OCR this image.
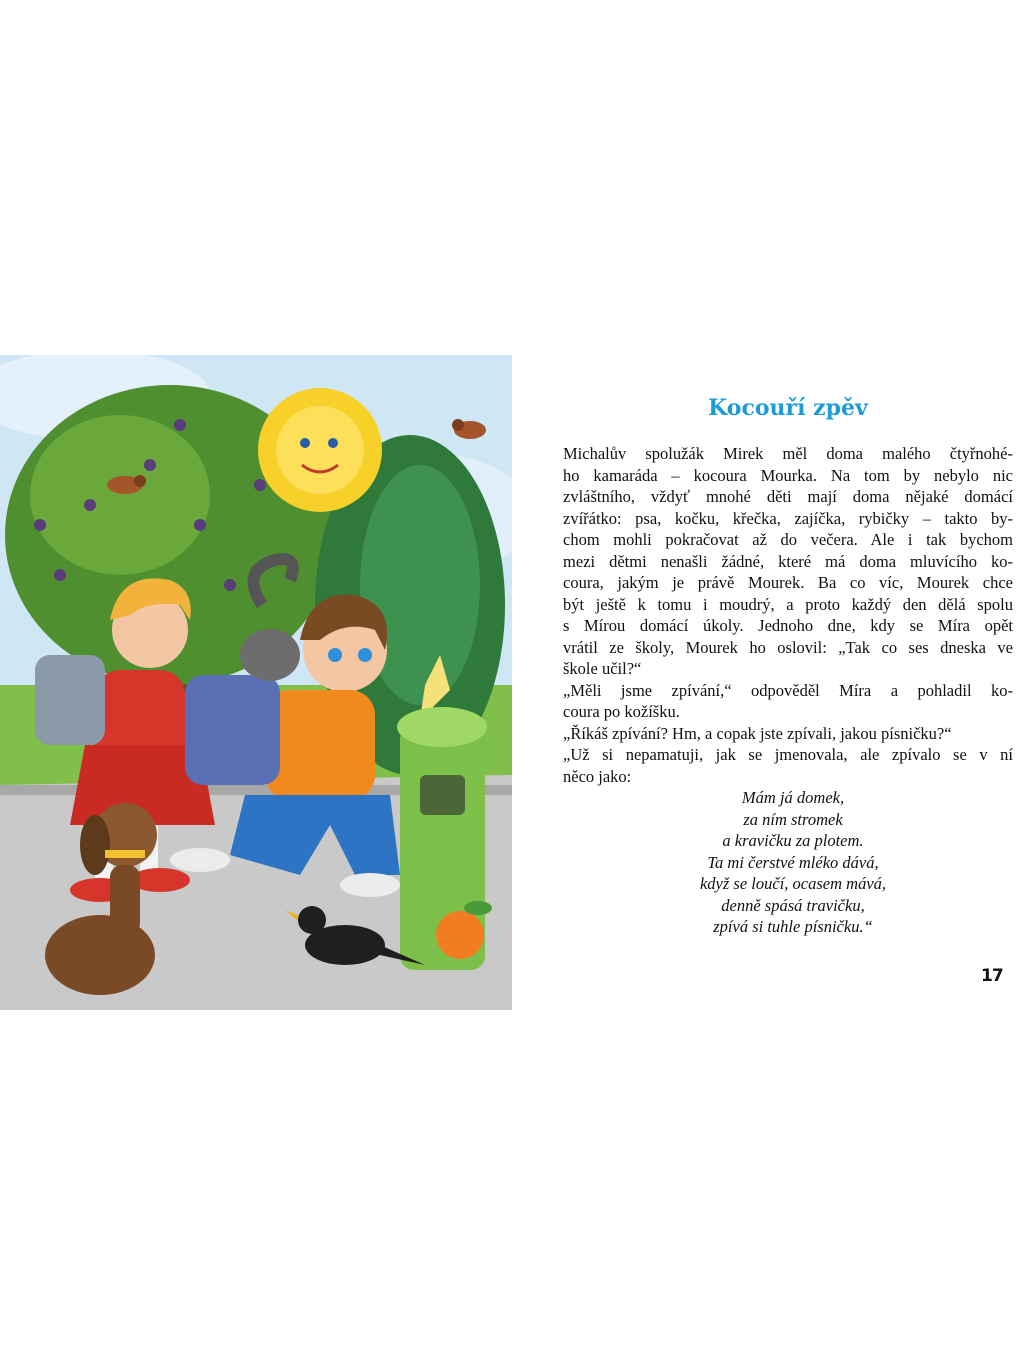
Kocouří zpěv

Michalův spolužák Mirek měl doma malého čtyřnohé-
ho kamaráda – kocoura Mourka. Na tom by nebylo nic
zvláštního, vždyť mnohé děti mají doma nějaké domácí
zvířátko: psa, kočku, křečka, zajíčka, rybičky – takto by-
chom mohli pokračovat až do večera. Ale i tak bychom
mezi dětmi nenašli žádné, které má doma mluvícího ko-
coura, jakým je právě Mourek. Ba co víc, Mourek chce
být ještě k tomu i moudrý, a proto každý den dělá spolu
s Mírou domácí úkoly. Jednoho dne, kdy se Míra opět
vrátil ze školy, Mourek ho oslovil: „Tak co ses dneska ve
škole učil?“

„Měli jsme zpívání,“ odpověděl Míra a pohladil ko-
coura po kožíšku.

„Říkáš zpívání? Hm, a copak jste zpívali, jakou písničku?“

„Už si nepamatuji, jak se jmenovala, ale zpívalo se v ní
něco jako:

Mám já domek,
za ním stromek
a kravičku za plotem.
Ta mi čerstvé mléko dává,
když se loučí, ocasem mává,
denně spásá travičku,
zpívá si tuhle písničku.“

17
